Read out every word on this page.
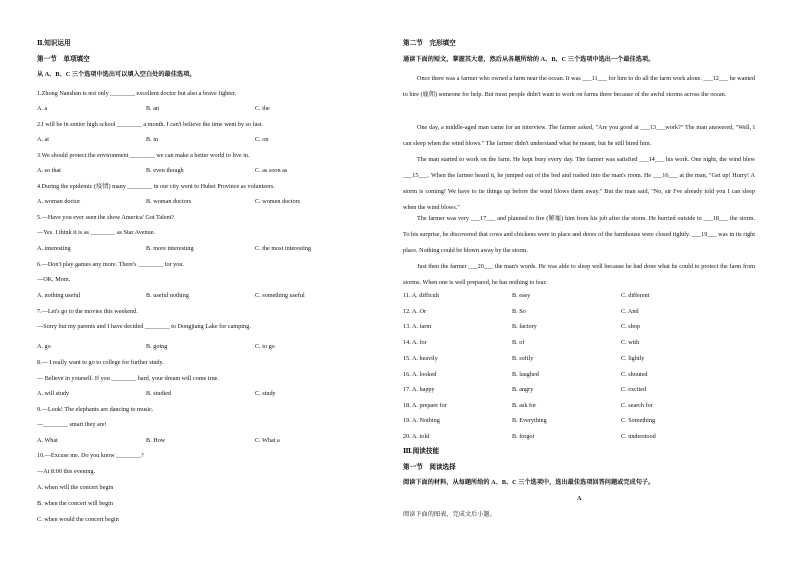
Ⅱ.知识运用
第一节　单项填空
从 A、B、C 三个选项中选出可以填入空白处的最佳选项。
1.Zhong Nanshan is not only ________ excellent doctor but also a brave fighter.
A. a	B. an	C. the
2.I will be in senior high school ________ a month. I can't believe the time went by so fast.
A. at	B. in	C. on
3.We should protect the environment ________ we can make a better world to live in.
A. so that	B. even though	C. as soon as
4.During the epidemic (疫情) many ________ in our city went to Hubei Province as volunteers.
A. woman doctor	B. woman doctors	C. women doctors
5.—Have you ever seen the show America' Got Talent?
—Yes. I think it is as ________ as Star Avenue.
A. interesting	B. more interesting	C. the most interesting
6.—Don't play games any more. There's ________ for you.
—OK, Mom.
A. nothing useful	B. useful nothing	C. something useful
7.—Let's go to the movies this weekend.
—Sorry but my parents and I have decided ________ to Dongjiang Lake for camping.
A. go	B. going	C. to go
8.— I really want to go to college for further study.
— Believe in yourself. If you ________ hard, your dream will come true.
A. will study	B. studied	C. study
9.—Look! The elephants are dancing to music.
—________ smart they are!
A. What	B. How	C. What a
10.—Excuse me. Do you know ________?
—At 8:00 this evening.
A. when will the concert begin
B. when the concert will begin
C. when would the concert begin
第二节　完形填空
通读下面的短文，掌握其大意，然后从各题所给的 A、B、C 三个选项中选出一个最佳选项。
Once there was a farmer who owned a farm near the ocean. It was ___11___ for him to do all the farm work alone. ___12___ he wanted to hire (雇佣) someone for help. But most people didn't want to work on farms there because of the awful storms across the ocean.
One day, a middle-aged man came for an interview. The farmer asked, "Are you good at ___13___work?" The man answered, "Well, I can sleep when the wind blows." The farmer didn't understand what he meant, but he still hired him.
The man started to work on the farm. He kept busy every day. The farmer was satisfied ___14___ his work. One night, the wind blew ___15___. When the farmer heard it, he jumped out of the bed and rushed into the man's room. He ___16___ at the man, "Get up! Hurry! A storm is coming! We have to tie things up before the wind blows them away." But the man said, "No, sir I've already told you I can sleep when the wind blows."
The farmer was very ___17___ and planned to fire (解雇) him from his job after the storm. He hurried outside to ___18___ the storm. To his surprise, he discovered that cows and chickens were in place and doors of the farmhouse were closed tightly. ___19___ was in its right place. Nothing could be blown away by the storm.
Just then the farmer ___20___ the man's words. He was able to sleep well because he had done what he could to protect the farm from storms. When one is well prepared, he has nothing to fear.
11. A. difficult	B. easy	C. different
12. A. Or	B. So	C. And
13. A. farm	B. factory	C. shop
14. A. for	B. of	C. with
15. A. heavily	B. softly	C. lightly
16. A. looked	B. laughed	C. shouted
17. A. happy	B. angry	C. excited
18. A. prepare for	B. ask for	C. search for
19. A. Nothing	B. Everything	C. Something
20. A. told	B. forgot	C. understood
Ⅲ.阅读技能
第一节　阅读选择
阅读下面的材料，从每题所给的 A、B、C 三个选项中，选出最佳选项回答问题或完成句子。
A
阅读下面的图表，完成文后小题。
